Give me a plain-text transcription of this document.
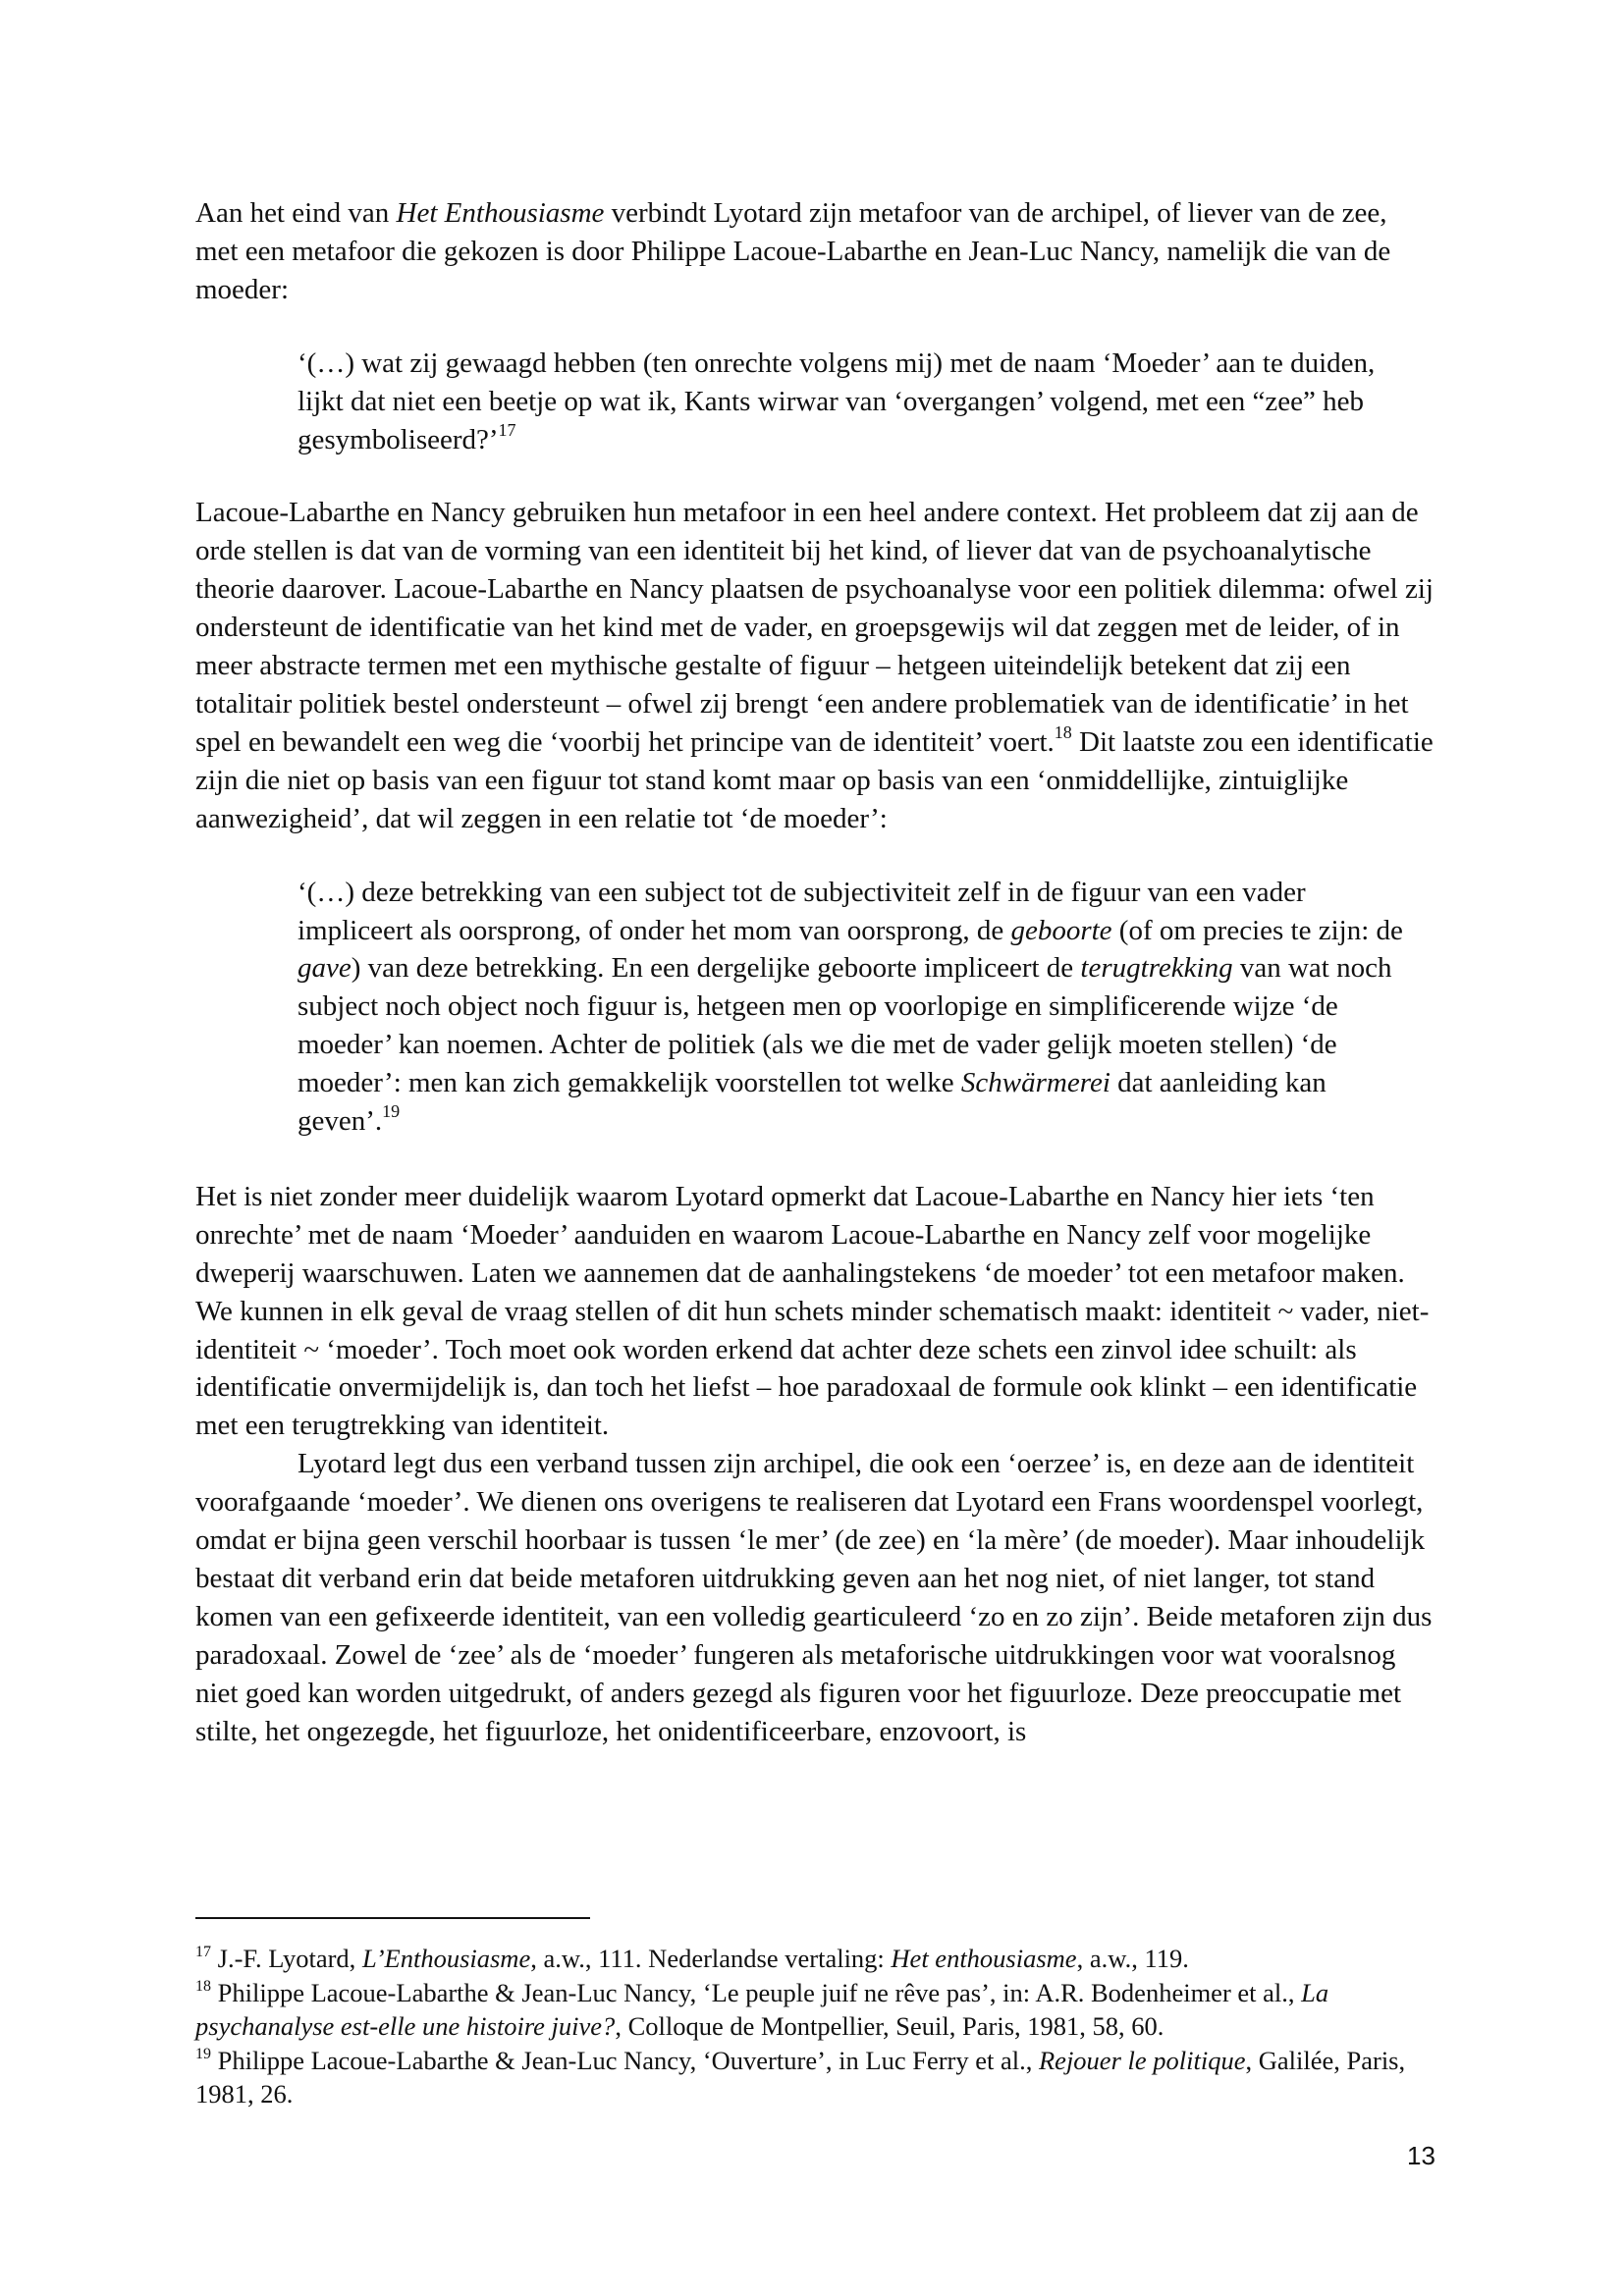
Aan het eind van Het Enthousiasme verbindt Lyotard zijn metafoor van de archipel, of liever van de zee, met een metafoor die gekozen is door Philippe Lacoue-Labarthe en Jean-Luc Nancy, namelijk die van de moeder:

‘(…) wat zij gewaagd hebben (ten onrechte volgens mij) met de naam ‘Moeder’ aan te duiden, lijkt dat niet een beetje op wat ik, Kants wirwar van ‘overgangen’ volgend, met een “zee” heb gesymboliseerd?’$^{17}$

Lacoue-Labarthe en Nancy gebruiken hun metafoor in een heel andere context. Het probleem dat zij aan de orde stellen is dat van de vorming van een identiteit bij het kind, of liever dat van de psychoanalytische theorie daarover. Lacoue-Labarthe en Nancy plaatsen de psychoanalyse voor een politiek dilemma: ofwel zij ondersteunt de identificatie van het kind met de vader, en groepsgewijs wil dat zeggen met de leider, of in meer abstracte termen met een mythische gestalte of figuur – hetgeen uiteindelijk betekent dat zij een totalitair politiek bestel ondersteunt – ofwel zij brengt ‘een andere problematiek van de identificatie’ in het spel en bewandelt een weg die ‘voorbij het principe van de identiteit’ voert.$^{18}$ Dit laatste zou een identificatie zijn die niet op basis van een figuur tot stand komt maar op basis van een ‘onmiddellijke, zintuiglijke aanwezigheid’, dat wil zeggen in een relatie tot ‘de moeder’:

‘(…) deze betrekking van een subject tot de subjectiviteit zelf in de figuur van een vader impliceert als oorsprong, of onder het mom van oorsprong, de geboorte (of om precies te zijn: de gave) van deze betrekking. En een dergelijke geboorte impliceert de terugtrekking van wat noch subject noch object noch figuur is, hetgeen men op voorlopige en simplificerende wijze ‘de moeder’ kan noemen. Achter de politiek (als we die met de vader gelijk moeten stellen) ‘de moeder’: men kan zich gemakkelijk voorstellen tot welke Schwärmerei dat aanleiding kan geven’.$^{19}$

Het is niet zonder meer duidelijk waarom Lyotard opmerkt dat Lacoue-Labarthe en Nancy hier iets ‘ten onrechte’ met de naam ‘Moeder’ aanduiden en waarom Lacoue-Labarthe en Nancy zelf voor mogelijke dweperij waarschuwen. Laten we aannemen dat de aanhalingstekens ‘de moeder’ tot een metafoor maken. We kunnen in elk geval de vraag stellen of dit hun schets minder schematisch maakt: identiteit ~ vader, niet-identiteit ~ ‘moeder’. Toch moet ook worden erkend dat achter deze schets een zinvol idee schuilt: als identificatie onvermijdelijk is, dan toch het liefst – hoe paradoxaal de formule ook klinkt – een identificatie met een terugtrekking van identiteit.

Lyotard legt dus een verband tussen zijn archipel, die ook een ‘oerzee’ is, en deze aan de identiteit voorafgaande ‘moeder’. We dienen ons overigens te realiseren dat Lyotard een Frans woordenspel voorlegt, omdat er bijna geen verschil hoorbaar is tussen ‘le mer’ (de zee) en ‘la mère’ (de moeder). Maar inhoudelijk bestaat dit verband erin dat beide metaforen uitdrukking geven aan het nog niet, of niet langer, tot stand komen van een gefixeerde identiteit, van een volledig gearticuleerd ‘zo en zo zijn’. Beide metaforen zijn dus paradoxaal. Zowel de ‘zee’ als de ‘moeder’ fungeren als metaforische uitdrukkingen voor wat vooralsnog niet goed kan worden uitgedrukt, of anders gezegd als figuren voor het figuurloze. Deze preoccupatie met stilte, het ongezegde, het figuurloze, het onidentificeerbare, enzovoort, is

$^{17}$ J.-F. Lyotard, L’Enthousiasme, a.w., 111. Nederlandse vertaling: Het enthousiasme, a.w., 119.

$^{18}$ Philippe Lacoue-Labarthe & Jean-Luc Nancy, ‘Le peuple juif ne rêve pas’, in: A.R. Bodenheimer et al., La psychanalyse est-elle une histoire juive?, Colloque de Montpellier, Seuil, Paris, 1981, 58, 60.

$^{19}$ Philippe Lacoue-Labarthe & Jean-Luc Nancy, ‘Ouverture’, in Luc Ferry et al., Rejouer le politique, Galilée, Paris, 1981, 26.

13
